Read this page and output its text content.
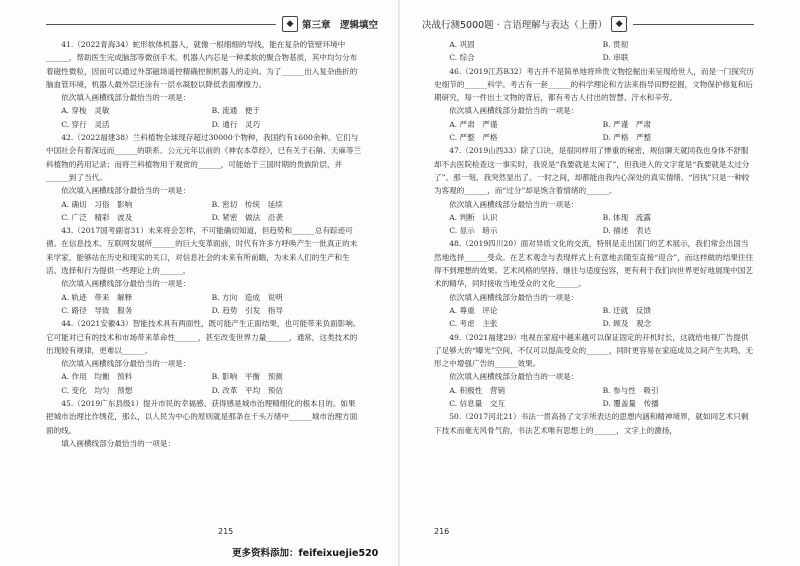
◆ 第三章　逻辑填空

41.（2022青海34）蛇形软体机器人，就像一根细细的导线，能在复杂的管壁环境中______，帮助医生完成脑部等微创手术。机器人内芯是一种柔软的聚合物基质，其中均匀分布着磁性微粒，因而可以通过外部磁场遥控精确控制机器人的走向。为了______出入复杂曲折的脑血管环境，机器人最外层还涂有一层水凝胶以降低表面摩擦力。

依次填入画横线部分最恰当的一项是：

A. 穿梭　灵敏	B. 流通　便于
C. 穿行　灵活	D. 通行　灵巧

42.（2022福建38）兰科植物全球现存超过30000个物种，我国约有1600余种。它们与中国社会有着深远而______的联系。公元元年以前的《神农本草经》，已有关于石斛、天麻等兰科植物的药用记录；而将兰科植物用于观赏的______，可能始于三国时期的贵族阶层，并______到了当代。

依次填入画横线部分最恰当的一项是：

A. 确切　习俗　影响	B. 密切　传统　延续
C. 广泛　精彩　波及	D. 紧密　做法　沿袭

43.（2017国考副省31）未来将会怎样，不可能确切知道，但趋势和______总有踪迹可循。在信息技术、互联网发展所______的巨大变革面前，时代有许多方呼唤产生一批真正的未来学家，能够站在历史和现实的关口，对信息社会的未来有所前瞻，为未来人们的生产和生活、选择和行为提供一些理论上的______。

依次填入画横线部分最恰当的一项是：

A. 轨迹　带来　解释	B. 方向　造成　说明
C. 路径　导致　服务	D. 趋势　引发　指导

44.（2021安徽43）智能技术具有两面性，既可能产生正面结果，也可能带来负面影响。它可能对已有的技术和市场带来革命性______，甚至改变世界力量______，通常，这类技术的出现较有规律，更难以______。

依次填入画横线部分最恰当的一项是：

A. 作用　均衡　预料	B. 影响　平衡　预测
C. 变化　均匀　预想	D. 改革　平均　预估

45.（2019广东县级1）提升市民的幸福感、获得感是城市治理精细化的根本目的。如果把城市治理比作绣花，那么，以人民为中心的原则就是那条在千头万绪中______城市治理方面面的线。

填入画横线部分最恰当的一项是：

215
决战行测5000题 · 言语理解与表达（上册） ◆
A. 巩固	B. 贯彻
C. 综合	D. 串联

46.（2019江苏B32）考古并不是简单地将珍贵文物挖掘出来呈现给世人，而是一门探究历史细节的______科学。考古有一套______的科学理论和方法来指导田野挖掘，文物保护修复和后期研究，每一件出土文物的背后，都有考古人付出的智慧、汗水和辛劳。

依次填入画横线部分最恰当的一项是：

A. 严肃　严谨	B. 严谨　严肃
C. 严整　严格	D. 严格　严整

47.（2019山西33）除了口诀，是很同样用了惨重的秘密，规信聊天就同我也身体不舒服却不去医院检查这一事实时，我说是“我要就是太闲了”，但我进入的文字竟是“我要就是太过分了”。那一刻，我突然显出了。一时之间，却都能由我内心深处的真实情绪。“因执”只是一种较为客观的______，而“过分”却是饱含着情绪的______。

依次填入画横线部分最恰当的一项是：

A. 判断　认识	B. 体现　流露
C. 显示　暗示	D. 描述　表达

48.（2019四川20）面对异质文化的交流，特别是走出国门的艺术展示，我们常会出国当然地选择______受众。在艺术观念与表现样式上有意地去随至直接“迎合”，而这样做的结果往往得不到理想的效果。艺术风格的坚持、继往与适度包容，更有利于我们向世界更好地展现中国艺术的精华，同时接收当地受众的文化______。

依次填入画横线部分最恰当的一项是：

A. 尊重　评论	B. 迁就　反馈
C. 考虑　主张	D. 顾及　观念

49.（2021福建29）电视在家庭中越来越可以保证固定的开机时长，这就给电视广告提供了足够大的“曝光”空间，不仅可以提高受众的______，同时更容易在家庭成员之间产生共鸣，无形之中增强广告的______效果。

依次填入画横线部分最恰当的一项是：

A. 积极性　营销	B. 参与性　吸引
C. 信息量　交互	D. 覆盖量　传播

50.（2017河北21）书法一贯高扬了文字所表达的思想内涵和精神境界，就如同艺术只剩下技术而毫无风骨气韵，书法艺术唯有思想上的______，文字上的激扬，

216
更多资料添加：feifeixuejie520
